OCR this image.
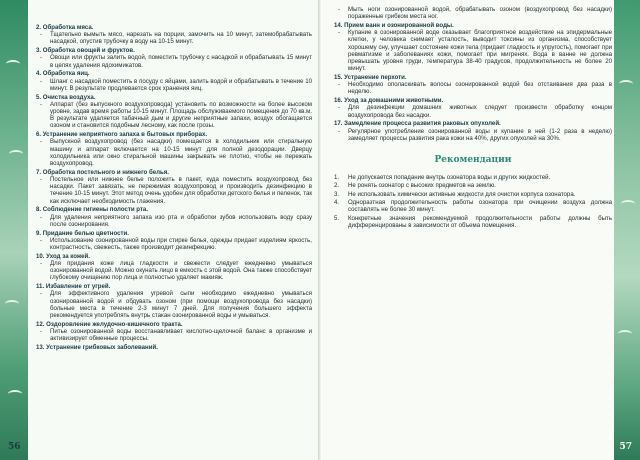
2. Обработка мяса.

- Тщательно вымыть мясо, нарезать на порции, замочить на 10 минут, затемобрабатывать насадкой, опустив трубочку в воду на 10-15 минут.

3. Обработка овощей и фруктов.

- Овощи или фрукты залить водой, поместить трубочку с насадкой и обрабатывать 15 минут в целях удаления ядохимикатов.

4. Обработка яиц.

- Шланг с насадкой поместить в посуду с яйцами, залить водой и обрабатывать в течение 10 минут. В результате продлевается срок хранения яиц.

5. Очистка воздуха.

- Аппарат (без выпускного воздухопровода) установить по возможности на более высоком уровне, задав время работы 10-15 минут. Площадь обслуживаемого помещения до 70 кв.м. В результате удаляется табачный дым и другие неприятные запахи, воздух обогащается озоном и становится подобным лесному, как после грозы.

6. Устранение неприятного запаха в бытовых приборах.

- Выпускной воздухопровод (без насадки) помещается в холодильник или стиральную машину и аппарат включается на 10-15 минут для полной дезодорации. Дверцу холодильника или окно стиральной машины закрывать не плотно, чтобы не пережать воздухопровод.

7. Обработка постельного и нижнего белья.

- Постельное или нижнее белье положить в пакет, куда поместить воздухопровод без насадки. Пакет завязать, не пережимая воздухопровод и производить дезинфекцию в течение 10-15 минут. Этот метод очень удобен для обработки детского белья и пеленок, так как исключает необходимость глажения.

8. Соблюдение гигиены полости рта.

- Для удаления неприятного запаха изо рта и обработки зубов использовать воду сразу после озонирования.

9. Придание белью цветности.

- Использование озонированной воды при стирке белья, одежды придает изделиям яркость, контрастность, свежесть, также производит дезинфекцию.

10. Уход за кожей.

- Для придания коже лица гладкости и свежести следует ежедневно умываться озонированной водой. Можно окунать лицо в емкость с этой водой. Она также способствует глубокому очищению пор лица и полностью удаляет макияж.

11. Избавление от угрей.

- Для эффективного удаления угревой сыпи необходимо ежедневно умываться озонированной водой и обдувать озоном (при помощи воздухопровода без насадки) больные места в течение 2-3 минут 7 дней. Для получения большего эффекта рекомендуется употреблять внутрь стакан озонированной воды и умываться.

12. Оздоровление желудочно-кишечного тракта.

- Питье озонированной воды восстанавливает кислотно-щелочной баланс в организме и активизирует обменные процессы.

13. Устранение грибковых заболеваний.

56

- Мыть ноги озонированной водой, обрабатывать озоном (воздухопровод без насадки) пораженные грибком места ног.

14. Прием ванн и озонированной воды.

- Купание в озонированной воде оказывает благоприятное воздействие на эпидермальные клетки, у человека снимает усталость, выводит токсины из организма, способствует хорошему сну, улучшает состояние кожи тела (придает гладкость и упругость), помогает при ревматизме и заболеваниях кожи, помогает при мигренях. Вода в ванне не должна превышать уровня груди, температура 38-40 градусов, продолжительность не более 20 минут.

15. Устранение перхоти.

- Необходимо ополаскивать волосы озонированной водой без отстаивания два раза в неделю.

16. Уход за домашними животными.

- Для дезинфекции домашних животных следует произвести обработку концом воздухопровода без насадки.

17. Замедление процесса развития раковых опухолей.

- Регулярное употребление озонированной воды и купание в ней (1-2 раза в неделю) замедляет процессы развития рака кожи на 40%, других опухолей на 30%.

Рекомендации

1. Не допускается попадание внутрь озонатора воды и других жидкостей.

2. Не ронять озонатор с высоких предметов на землю.

3. Не использовать химически активные жидкости для очистки корпуса озонатора.

4. Одноразтная продолжительность работы озонатора при очищении воздуха должна составлять не более 30 минут.

5. Конкретные значения рекомендуемой продолжительности работы должны быть дифференцированы в зависимости от объема помещения.

57
